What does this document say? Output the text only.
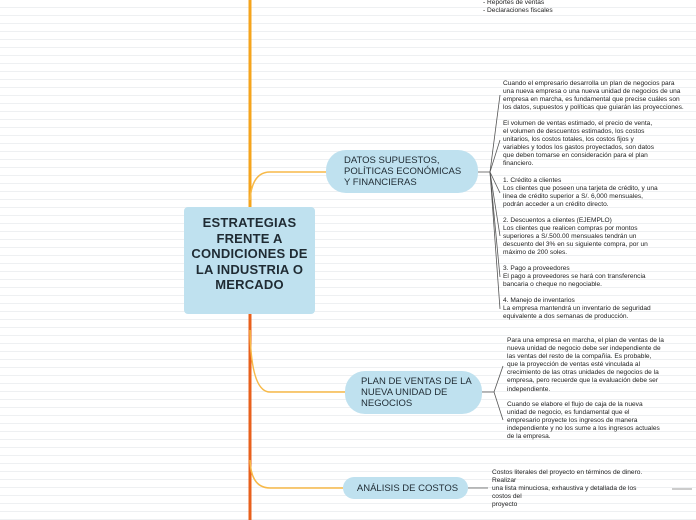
- Reportes de ventas
- Declaraciones fiscales
ESTRATEGIAS FRENTE A CONDICIONES DE LA INDUSTRIA O MERCADO
DATOS SUPUESTOS, POLÍTICAS ECONÓMICAS Y FINANCIERAS
PLAN DE VENTAS DE LA NUEVA UNIDAD DE NEGOCIOS
ANÁLISIS DE COSTOS
Cuando el empresario desarrolla un plan de negocios para
una nueva empresa o una nueva unidad de negocios de una
empresa en marcha, es fundamental que precise cuáles son
los datos, supuestos y políticas que guiarán las proyecciones.
El volumen de ventas estimado, el precio de venta,
el volumen de descuentos estimados, los costos
unitarios, los costos totales, los costos fijos y
variables y todos los gastos proyectados, son datos
que deben tomarse en consideración para el plan
financiero.
1. Crédito a clientes
Los clientes que poseen una tarjeta de crédito, y una
línea de crédito superior a S/. 6,000 mensuales,
podrán acceder a un crédito directo.
2. Descuentos a clientes (EJEMPLO)
Los clientes que realicen compras por montos
superiores a S/.500.00 mensuales tendrán un
descuento del 3% en su siguiente compra, por un
máximo de 200 soles.
3. Pago a proveedores
El pago a proveedores se hará con transferencia
bancaria o cheque no negociable.
4. Manejo de inventarios
La empresa mantendrá un inventario de seguridad
equivalente a dos semanas de producción.
Para una empresa en marcha, el plan de ventas de la
nueva unidad de negocio debe ser independiente de
las ventas del resto de la compañía. Es probable,
que la proyección de ventas esté vinculada al
crecimiento de las otras unidades de negocios de la
empresa, pero recuerde que la evaluación debe ser
independiente.
Cuando se elabore el flujo de caja de la nueva
unidad de negocio, es fundamental que el
empresario proyecte los ingresos de manera
independiente y no los sume a los ingresos actuales
de la empresa.
Costos literales del proyecto en términos de dinero.
Realizar
una lista minuciosa, exhaustiva y detallada de los
costos del
proyecto
